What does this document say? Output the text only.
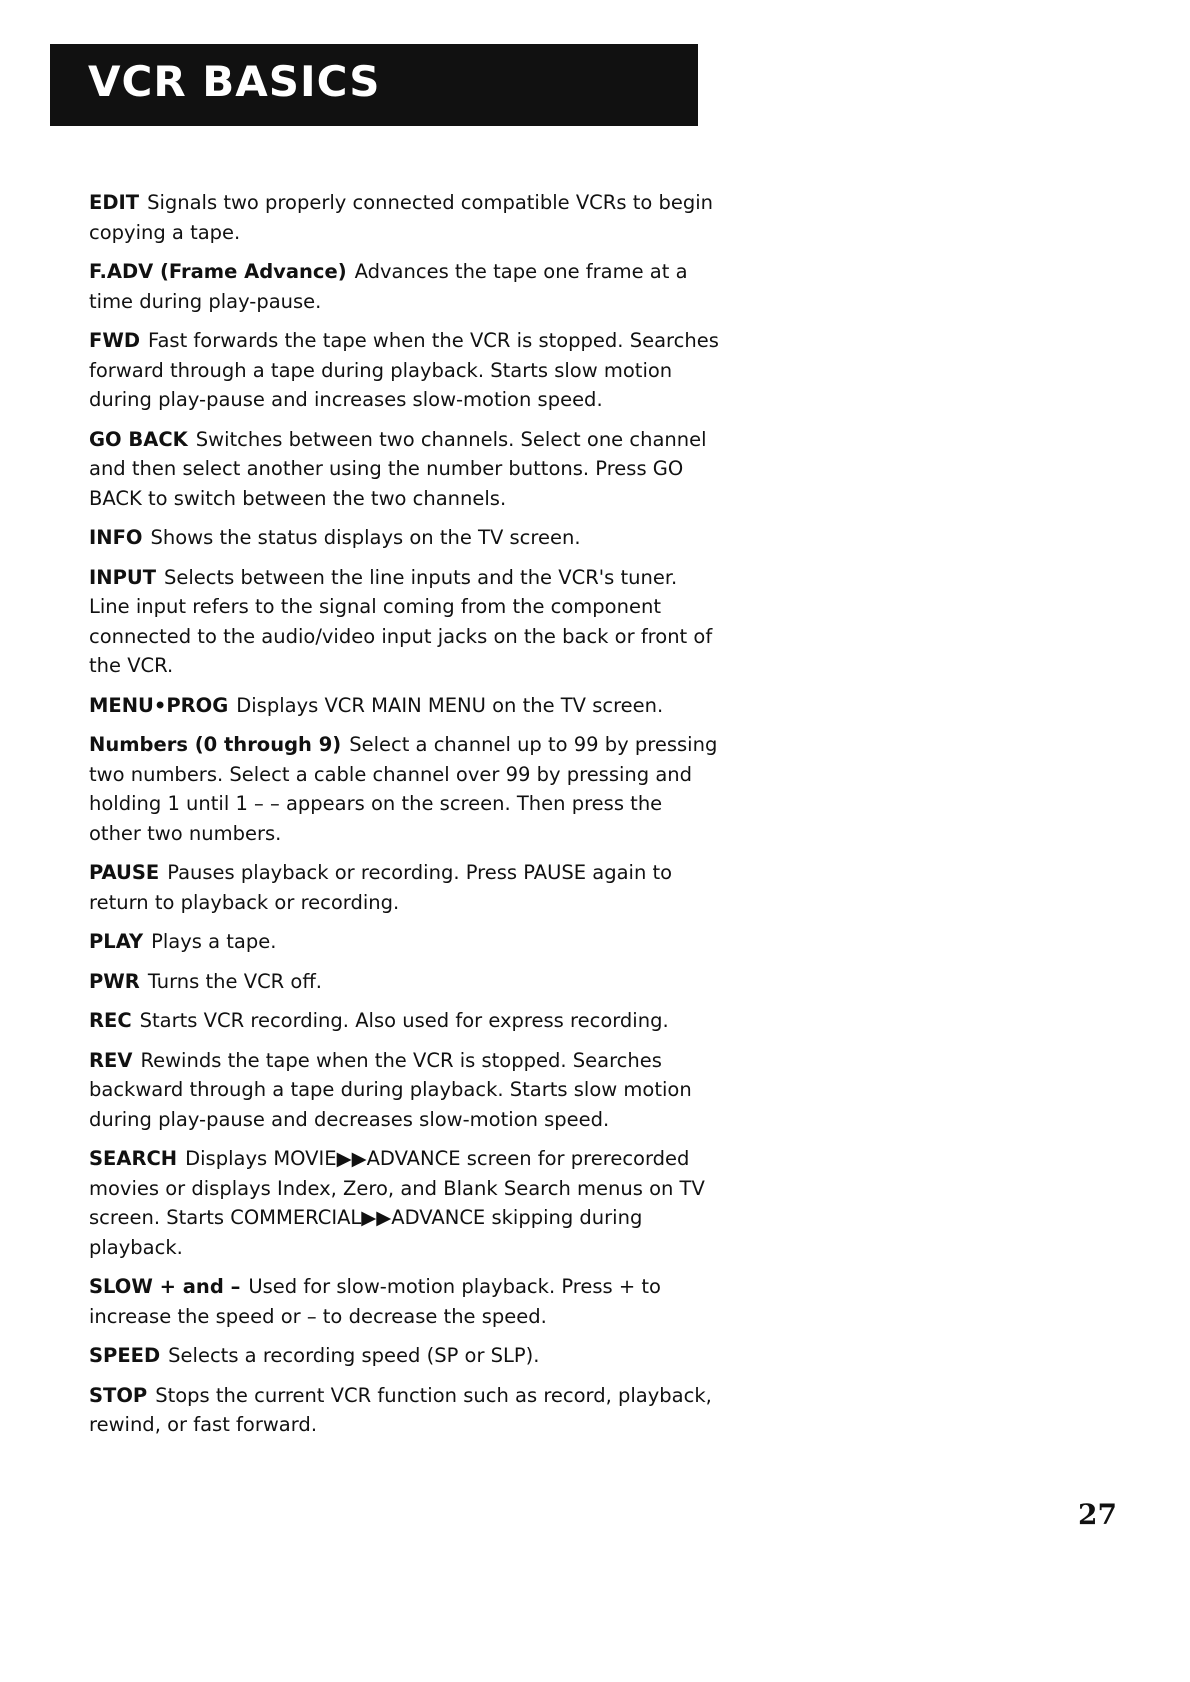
VCR BASICS

EDIT Signals two properly connected compatible VCRs to begin copying a tape.

F.ADV (Frame Advance) Advances the tape one frame at a time during play-pause.

FWD Fast forwards the tape when the VCR is stopped. Searches forward through a tape during playback. Starts slow motion during play-pause and increases slow-motion speed.

GO BACK Switches between two channels. Select one channel and then select another using the number buttons. Press GO BACK to switch between the two channels.

INFO Shows the status displays on the TV screen.

INPUT Selects between the line inputs and the VCR's tuner. Line input refers to the signal coming from the component connected to the audio/video input jacks on the back or front of the VCR.

MENU•PROG Displays VCR MAIN MENU on the TV screen.

Numbers (0 through 9) Select a channel up to 99 by pressing two numbers. Select a cable channel over 99 by pressing and holding 1 until 1 – – appears on the screen. Then press the other two numbers.

PAUSE Pauses playback or recording. Press PAUSE again to return to playback or recording.

PLAY Plays a tape.

PWR Turns the VCR off.

REC Starts VCR recording. Also used for express recording.

REV Rewinds the tape when the VCR is stopped. Searches backward through a tape during playback. Starts slow motion during play-pause and decreases slow-motion speed.

SEARCH Displays MOVIE▶▶ADVANCE screen for prerecorded movies or displays Index, Zero, and Blank Search menus on TV screen. Starts COMMERCIAL▶▶ADVANCE skipping during playback.

SLOW + and – Used for slow-motion playback. Press + to increase the speed or – to decrease the speed.

SPEED Selects a recording speed (SP or SLP).

STOP Stops the current VCR function such as record, playback, rewind, or fast forward.

27
